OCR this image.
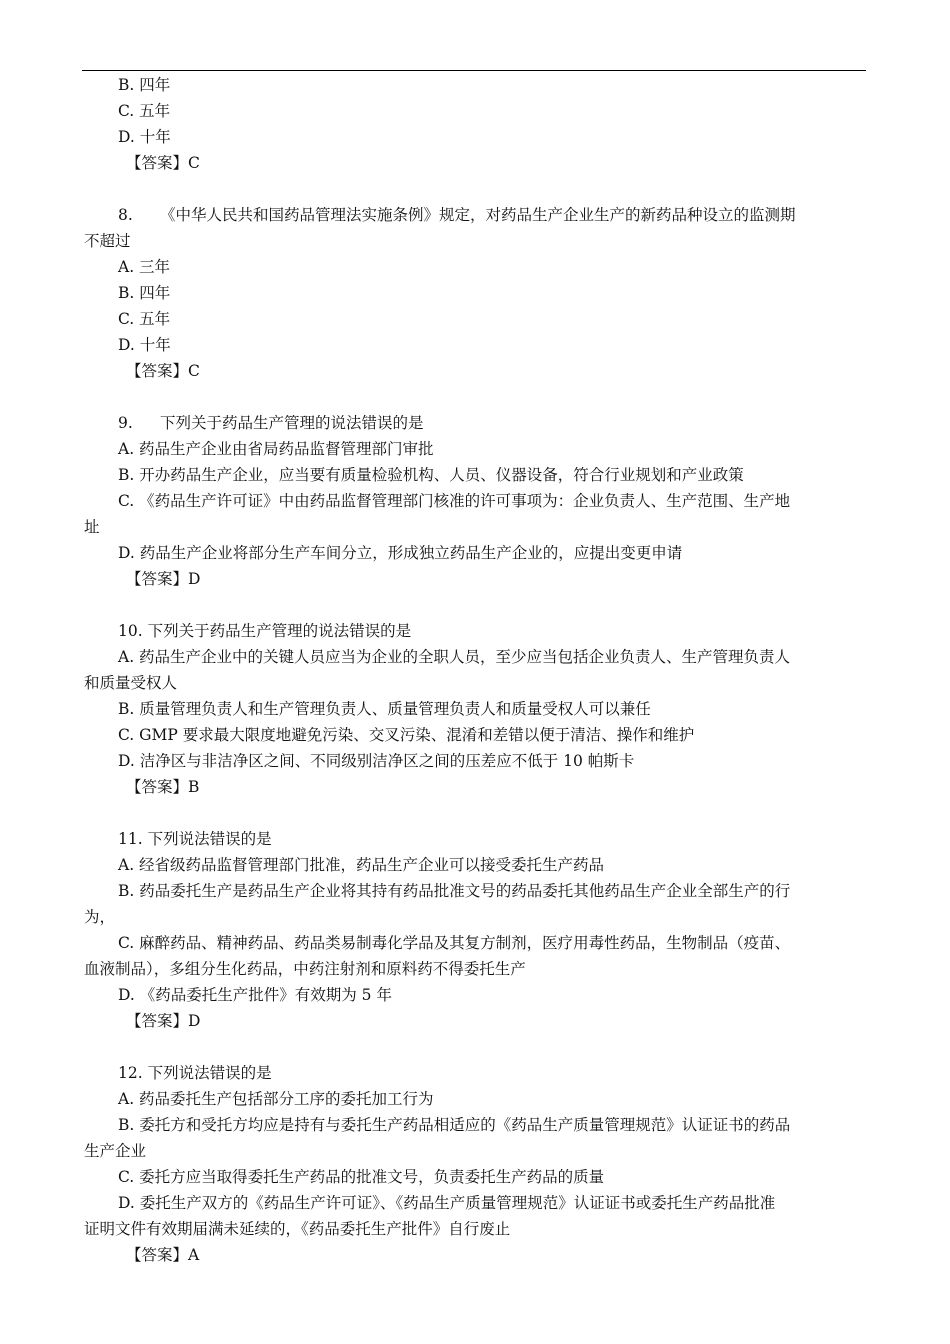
B. 四年
C. 五年
D. 十年
【答案】C
8. 《中华人民共和国药品管理法实施条例》规定，对药品生产企业生产的新药品种设立的监测期
不超过
A. 三年
B. 四年
C. 五年
D. 十年
【答案】C
9. 下列关于药品生产管理的说法错误的是
A. 药品生产企业由省局药品监督管理部门审批
B. 开办药品生产企业，应当要有质量检验机构、人员、仪器设备，符合行业规划和产业政策
C. 《药品生产许可证》中由药品监督管理部门核准的许可事项为：企业负责人、生产范围、生产地
址
D. 药品生产企业将部分生产车间分立，形成独立药品生产企业的，应提出变更申请
【答案】D
10. 下列关于药品生产管理的说法错误的是
A. 药品生产企业中的关键人员应当为企业的全职人员，至少应当包括企业负责人、生产管理负责人
和质量受权人
B. 质量管理负责人和生产管理负责人、质量管理负责人和质量受权人可以兼任
C. GMP 要求最大限度地避免污染、交叉污染、混淆和差错以便于清洁、操作和维护
D. 洁净区与非洁净区之间、不同级别洁净区之间的压差应不低于 10 帕斯卡
【答案】B
11. 下列说法错误的是
A. 经省级药品监督管理部门批准，药品生产企业可以接受委托生产药品
B. 药品委托生产是药品生产企业将其持有药品批准文号的药品委托其他药品生产企业全部生产的行
为，
C. 麻醉药品、精神药品、药品类易制毒化学品及其复方制剂，医疗用毒性药品，生物制品（疫苗、
血液制品），多组分生化药品，中药注射剂和原料药不得委托生产
D. 《药品委托生产批件》有效期为 5 年
【答案】D
12. 下列说法错误的是
A. 药品委托生产包括部分工序的委托加工行为
B. 委托方和受托方均应是持有与委托生产药品相适应的《药品生产质量管理规范》认证证书的药品
生产企业
C. 委托方应当取得委托生产药品的批准文号，负责委托生产药品的质量
D. 委托生产双方的《药品生产许可证》、《药品生产质量管理规范》认证证书或委托生产药品批准
证明文件有效期届满未延续的，《药品委托生产批件》自行废止
【答案】A
